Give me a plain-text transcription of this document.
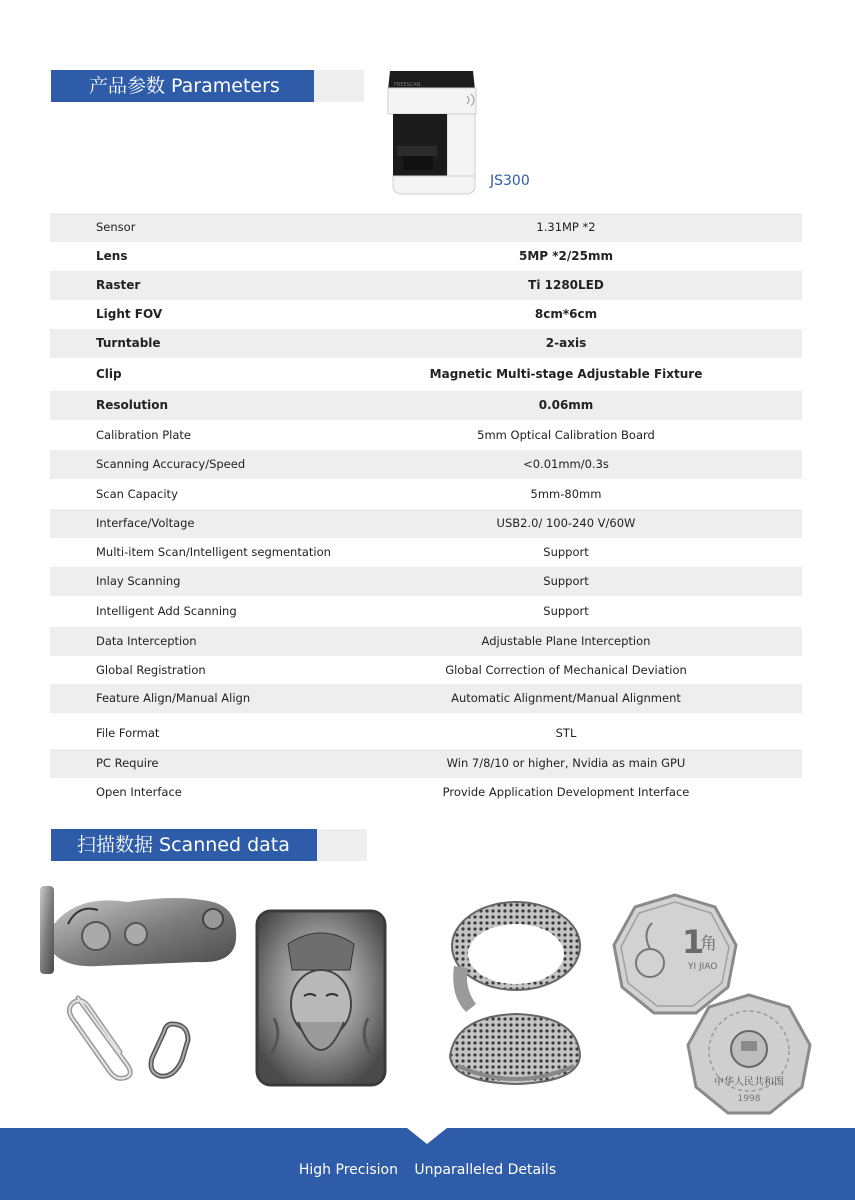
产品参数 Parameters	FREESCAN
JS300
Sensor	1.31MP *2
Lens	5MP *2/25mm
Raster	Ti 1280LED
Light FOV	8cm*6cm
Turntable	2-axis
Clip	Magnetic Multi-stage Adjustable Fixture
Resolution	0.06mm
Calibration Plate	5mm Optical Calibration Board
Scanning Accuracy/Speed	<0.01mm/0.3s
Scan Capacity	5mm-80mm
Interface/Voltage	USB2.0/ 100-240 V/60W
Multi-item Scan/Intelligent segmentation	Support
Inlay Scanning	Support
Intelligent Add Scanning	Support
Data Interception	Adjustable Plane Interception
Global Registration	Global Correction of Mechanical Deviation
Feature Align/Manual Align	Automatic Alignment/Manual Alignment
File Format	STL
PC Require	Win 7/8/10 or higher, Nvidia as main GPU
Open Interface	Provide Application Development Interface
扫描数据 Scanned data
1
角
YI JIAO
中华人民共和国
1998
High Precision Unparalleled Details
